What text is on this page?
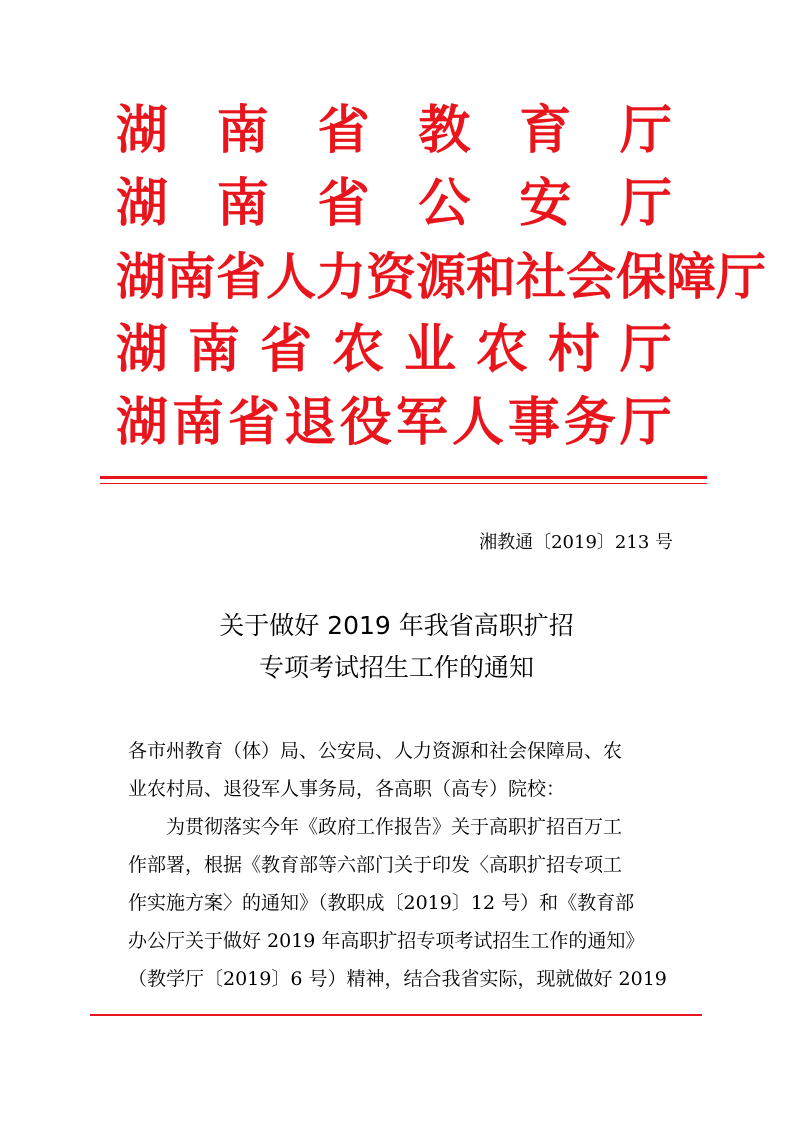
湖 南 省 教 育 厅
湖 南 省 公 安 厅
湖 南 省 人 力 资 源 和 社 会 保 障 厅
湖 南 省 农 业 农 村 厅
湖 南 省 退 役 军 人 事 务 厅
湘教通〔2019〕213 号
关于做好 2019 年我省高职扩招
专项考试招生工作的通知
各市州教育（体）局、公安局、人力资源和社会保障局、农
业农村局、退役军人事务局，各高职（高专）院校：
为贯彻落实今年《政府工作报告》关于高职扩招百万工
作部署，根据《教育部等六部门关于印发〈高职扩招专项工
作实施方案〉的通知》（教职成〔2019〕12 号）和《教育部
办公厅关于做好 2019 年高职扩招专项考试招生工作的通知》
（教学厅〔2019〕6 号）精神，结合我省实际，现就做好 2019
